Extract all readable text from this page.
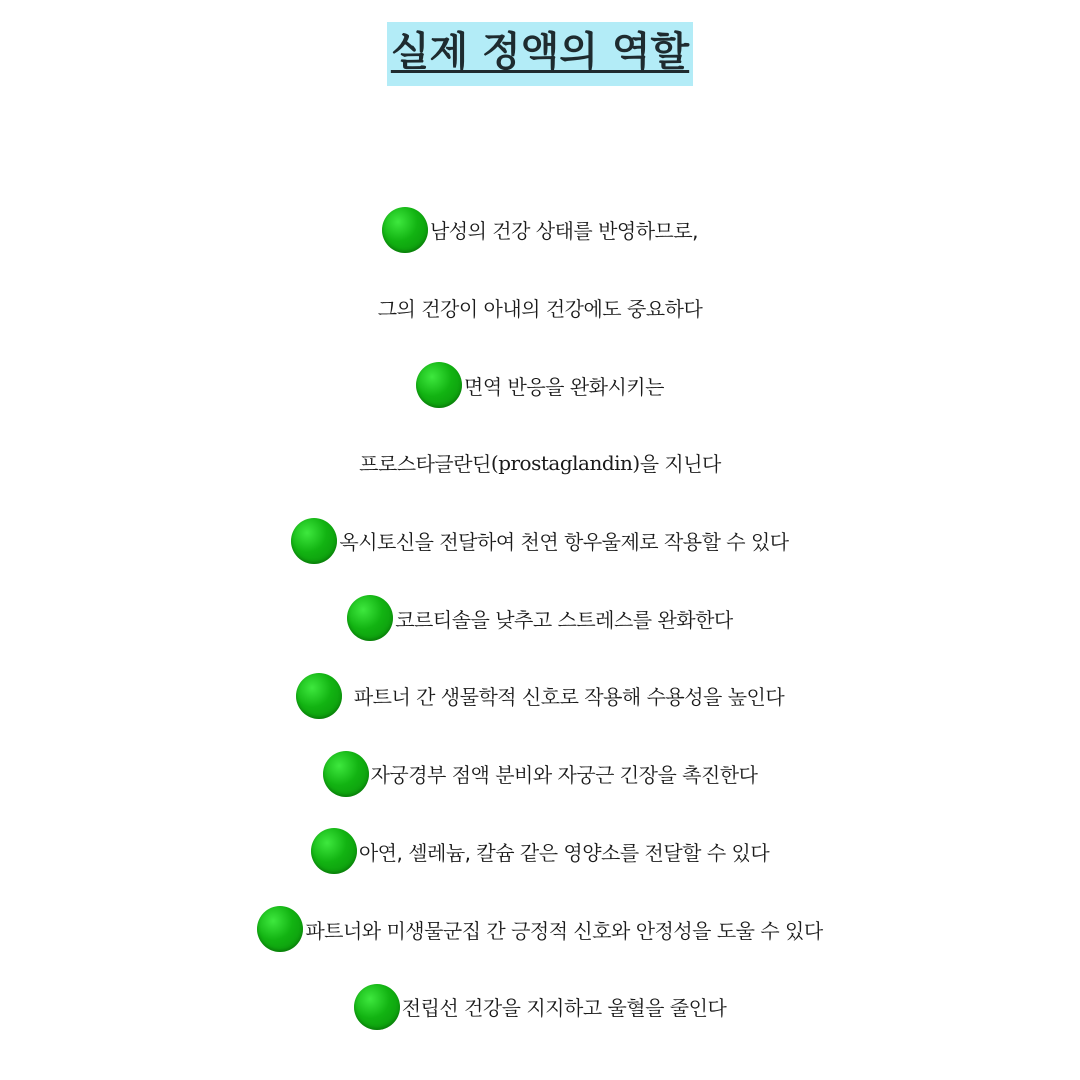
실제 정액의 역할
남성의 건강 상태를 반영하므로,
그의 건강이 아내의 건강에도 중요하다
면역 반응을 완화시키는
프로스타글란딘 (prostaglandin) 을 지닌다
옥시토신을 전달하여 천연 항우울제로 작용할 수 있다
코르티솔을 낮추고 스트레스를 완화한다
파트너 간 생물학적 신호로 작용해 수용성을 높인다
자궁경부 점액 분비와 자궁근 긴장을 촉진한다
아연, 셀레늄, 칼슘 같은 영양소를 전달할 수 있다
파트너와 미생물군집 간 긍정적 신호와 안정성을 도울 수 있다
전립선 건강을 지지하고 울혈을 줄인다
